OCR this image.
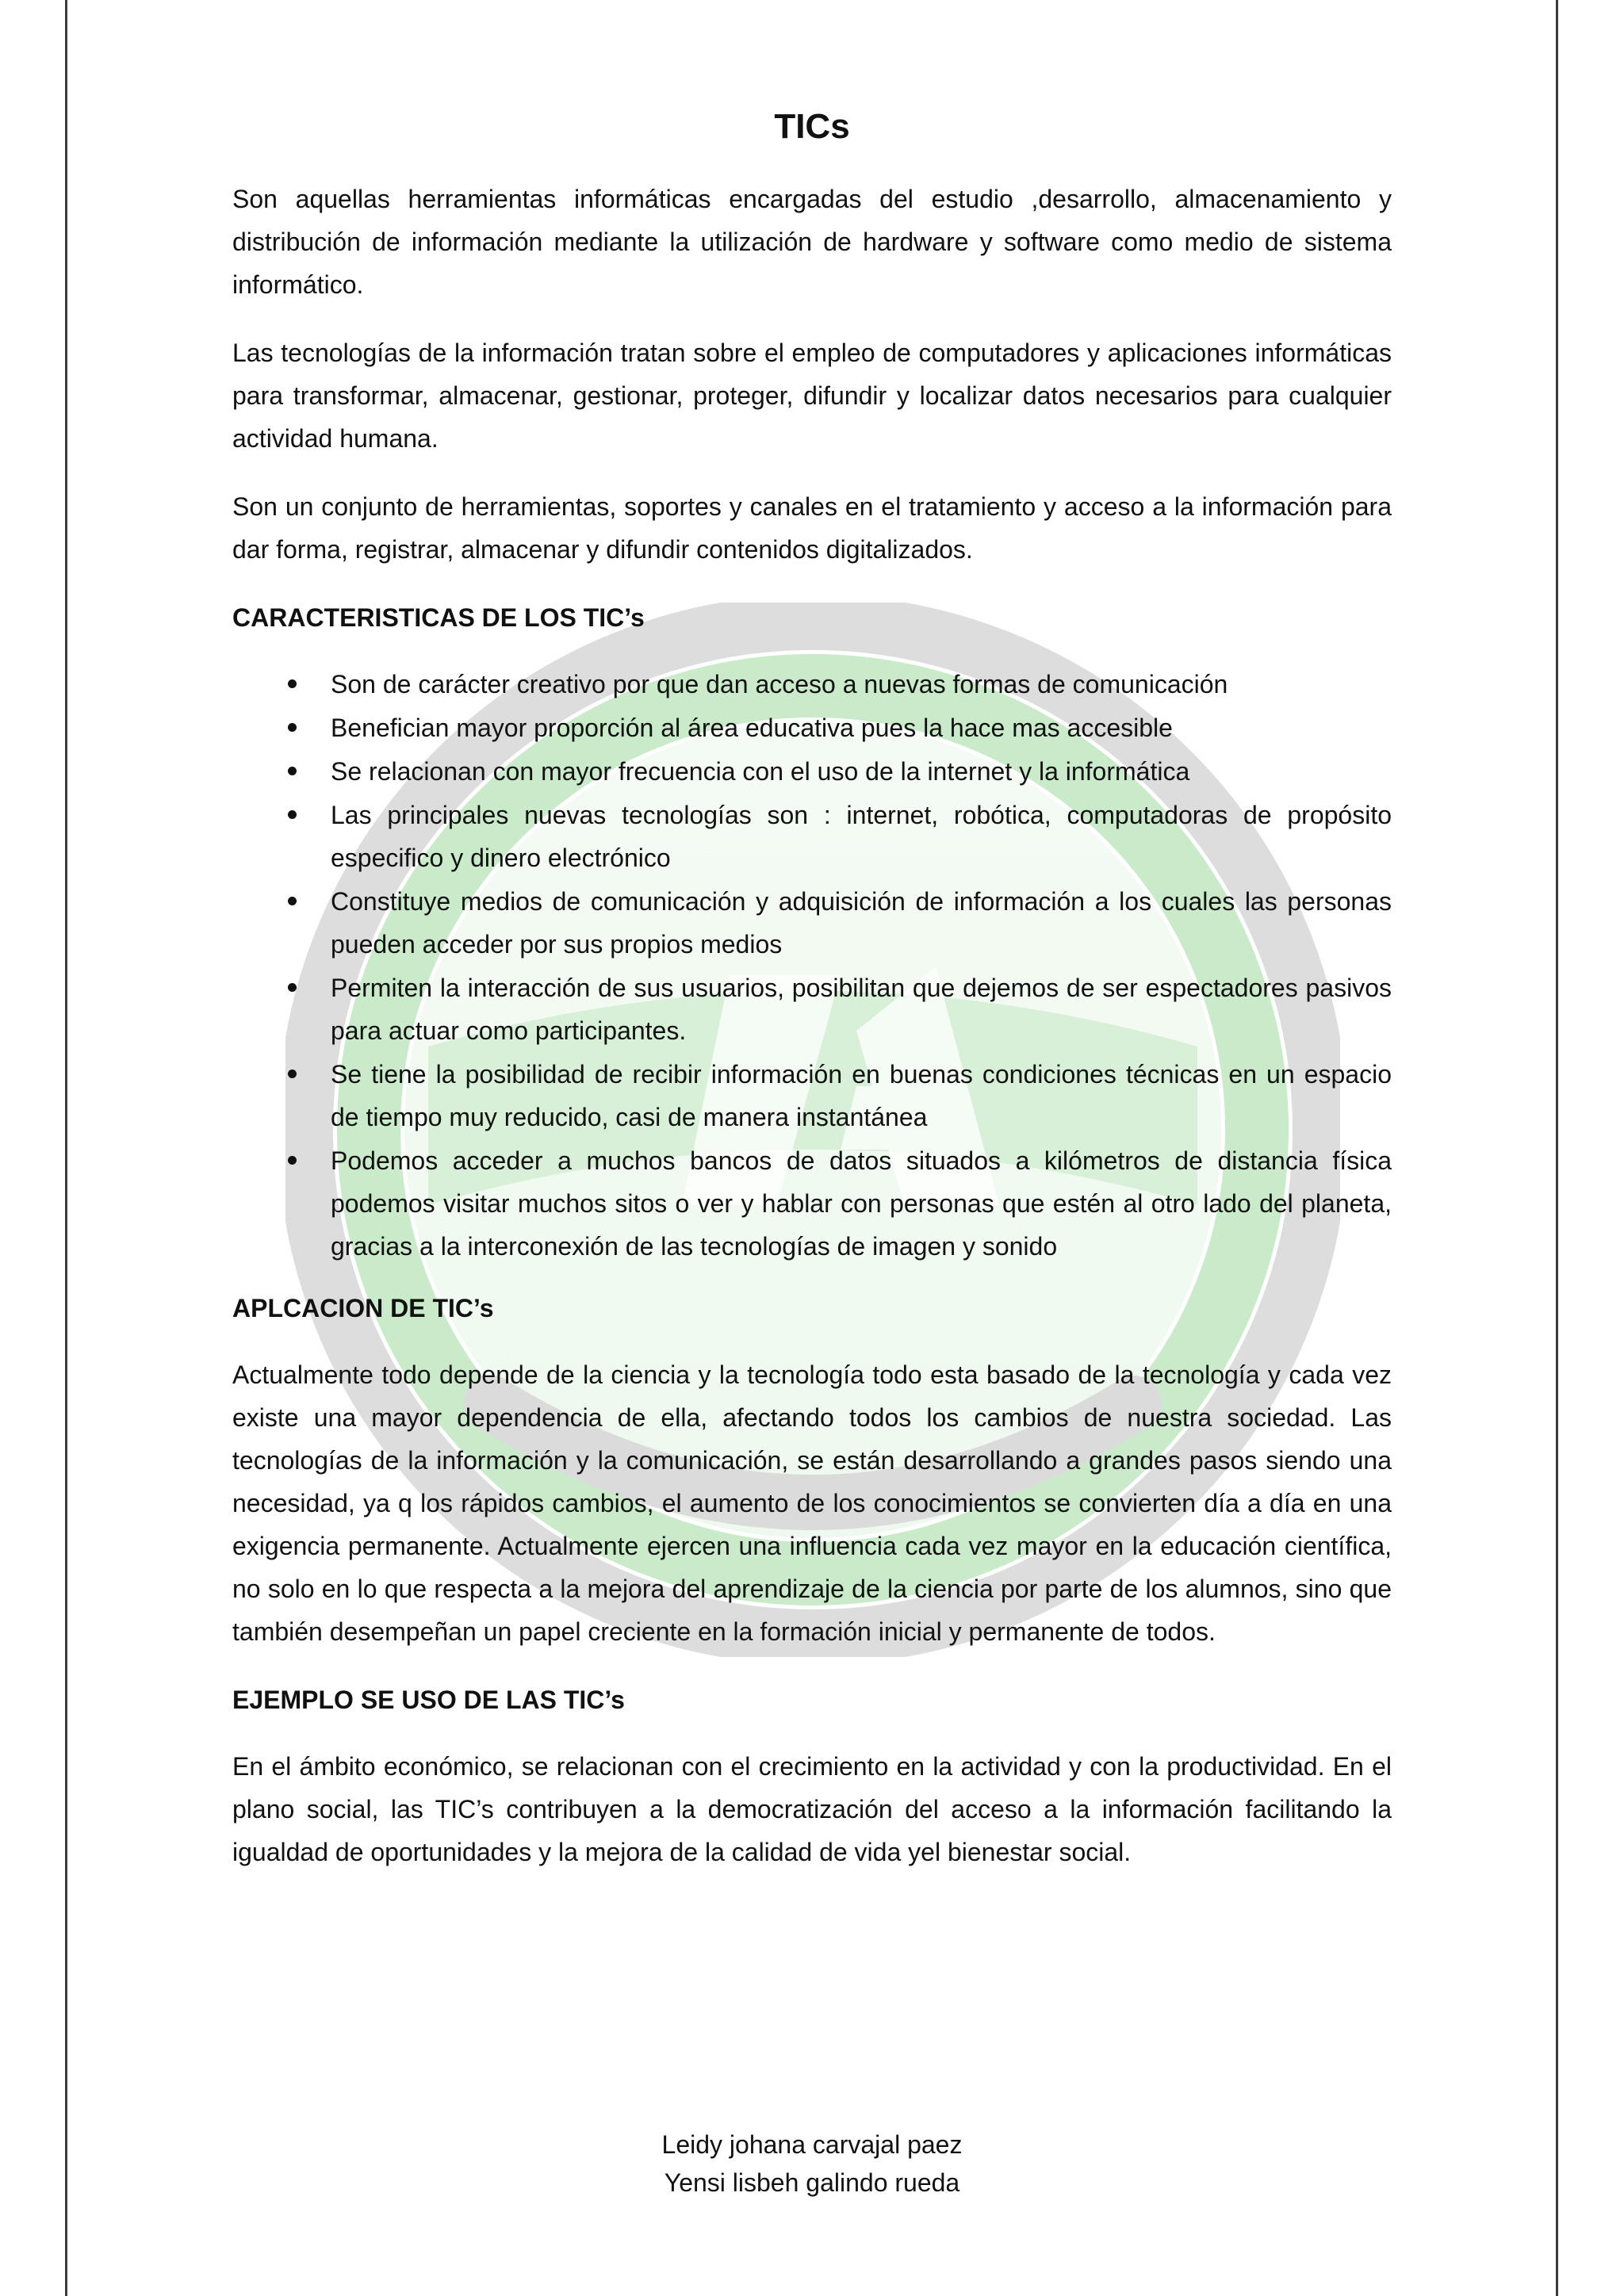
TICs

Son aquellas herramientas informáticas encargadas del estudio ,desarrollo, almacenamiento y distribución de información mediante la utilización de hardware y software como medio de sistema informático.

Las tecnologías de la información tratan sobre el empleo de computadores y aplicaciones informáticas para transformar, almacenar, gestionar, proteger, difundir y localizar datos necesarios para cualquier actividad humana.

Son un conjunto de herramientas, soportes y canales en el tratamiento y acceso a la información para dar forma, registrar, almacenar y difundir contenidos digitalizados.

CARACTERISTICAS DE LOS TIC’s
Son de carácter creativo por que dan acceso a nuevas formas de comunicación
Benefician mayor proporción al área educativa pues la hace mas accesible
Se relacionan con mayor frecuencia con el uso de la internet y la informática
Las principales nuevas tecnologías son : internet, robótica, computadoras de propósito especifico y dinero electrónico
Constituye medios de comunicación y adquisición de información a los cuales las personas pueden acceder por sus propios medios
Permiten la interacción de sus usuarios, posibilitan que dejemos de ser espectadores pasivos para actuar como participantes.
Se tiene la posibilidad de recibir información en buenas condiciones técnicas en un espacio de tiempo muy reducido, casi de manera instantánea
Podemos acceder a muchos bancos de datos situados a kilómetros de distancia física podemos visitar muchos sitos o ver y hablar con personas que estén al otro lado del planeta, gracias a la interconexión de las tecnologías de imagen y sonido
APLCACION DE TIC’s

Actualmente todo depende de la ciencia y la tecnología todo esta basado de la tecnología y cada vez existe una mayor dependencia de ella, afectando todos los cambios de nuestra sociedad. Las tecnologías de la información y la comunicación, se están desarrollando a grandes pasos siendo una necesidad, ya q los rápidos cambios, el aumento de los conocimientos se convierten día a día en una exigencia permanente. Actualmente ejercen una influencia cada vez mayor en la educación científica, no solo en lo que respecta a la mejora del aprendizaje de la ciencia por parte de los alumnos, sino que también desempeñan un papel creciente en la formación inicial y permanente de todos.

EJEMPLO SE USO DE LAS TIC’s

En el ámbito económico, se relacionan con el crecimiento en la actividad y con la productividad. En el plano social, las TIC’s contribuyen a la democratización del acceso a la información facilitando la igualdad de oportunidades y la mejora de la calidad de vida yel bienestar social.

Leidy johana carvajal paez
Yensi lisbeh galindo rueda
